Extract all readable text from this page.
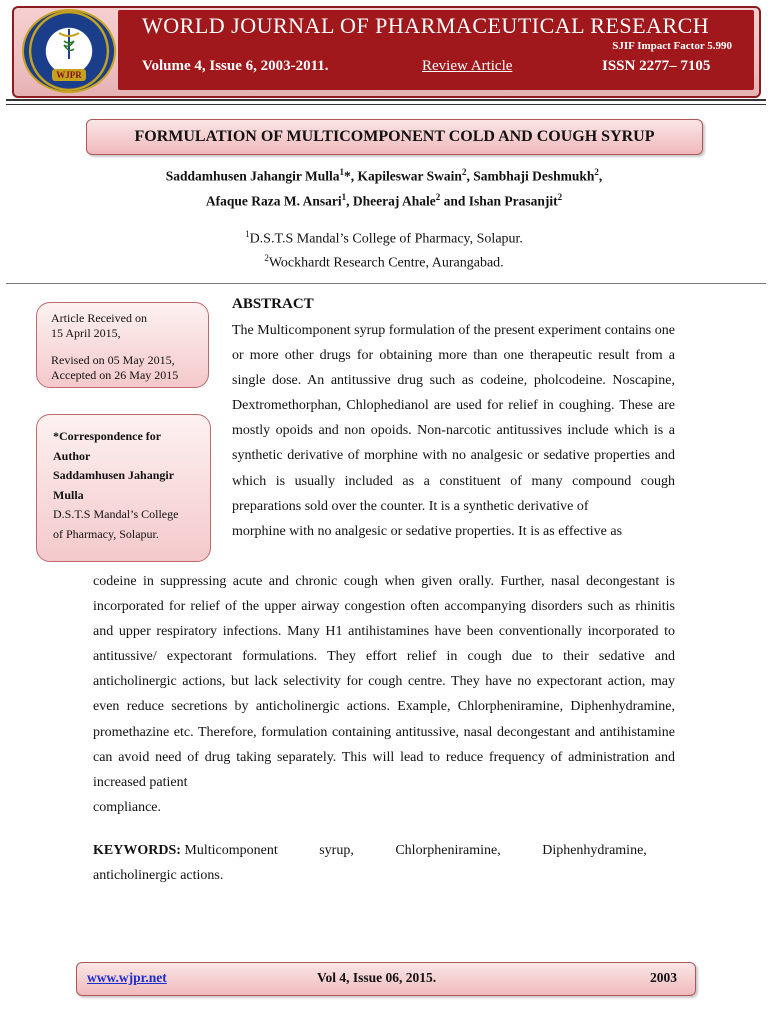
WJPR
WORLD JOURNAL OF PHARMACEUTICAL RESEARCH
SJIF Impact Factor 5.990
Volume 4, Issue 6, 2003-2011.	Review Article	ISSN 2277– 7105
FORMULATION OF MULTICOMPONENT COLD AND COUGH SYRUP
Saddamhusen Jahangir Mulla$^1$*, Kapileswar Swain$^2$, Sambhaji Deshmukh$^2$,
Afaque Raza M. Ansari$^1$, Dheeraj Ahale$^2$ and Ishan Prasanjit$^2$
$^1$D.S.T.S Mandal’s College of Pharmacy, Solapur.
$^2$Wockhardt Research Centre, Aurangabad.

Article Received on

15 April 2015,

Revised on 05 May 2015,

Accepted on 26 May 2015

*Correspondence for

Author

Saddamhusen Jahangir

Mulla

D.S.T.S Mandal’s College

of Pharmacy, Solapur.

ABSTRACT
The Multicomponent syrup formulation of the present experiment contains one or more other drugs for obtaining more than one therapeutic result from a single dose. An antitussive drug such as codeine, pholcodeine. Noscapine, Dextromethorphan, Chlophedianol are used for relief in coughing. These are mostly opoids and non opoids. Non-narcotic antitussives include which is a synthetic derivative of morphine with no analgesic or sedative properties and which is usually included as a constituent of many compound cough preparations sold over the counter. It is a synthetic derivative of
morphine with no analgesic or sedative properties. It is as effective as
codeine in suppressing acute and chronic cough when given orally. Further, nasal decongestant is incorporated for relief of the upper airway congestion often accompanying disorders such as rhinitis and upper respiratory infections. Many H1 antihistamines have been conventionally incorporated to antitussive/ expectorant formulations. They effort relief in cough due to their sedative and anticholinergic actions, but lack selectivity for cough centre. They have no expectorant action, may even reduce secretions by anticholinergic actions. Example, Chlorpheniramine, Diphenhydramine, promethazine etc. Therefore, formulation containing antitussive, nasal decongestant and antihistamine can avoid need of drug taking separately. This will lead to reduce frequency of administration and increased patient
compliance.
KEYWORDS: Multicomponent syrup, Chlorpheniramine, Diphenhydramine,
anticholinergic actions.
www.wjpr.net	Vol 4, Issue 06, 2015.	2003
